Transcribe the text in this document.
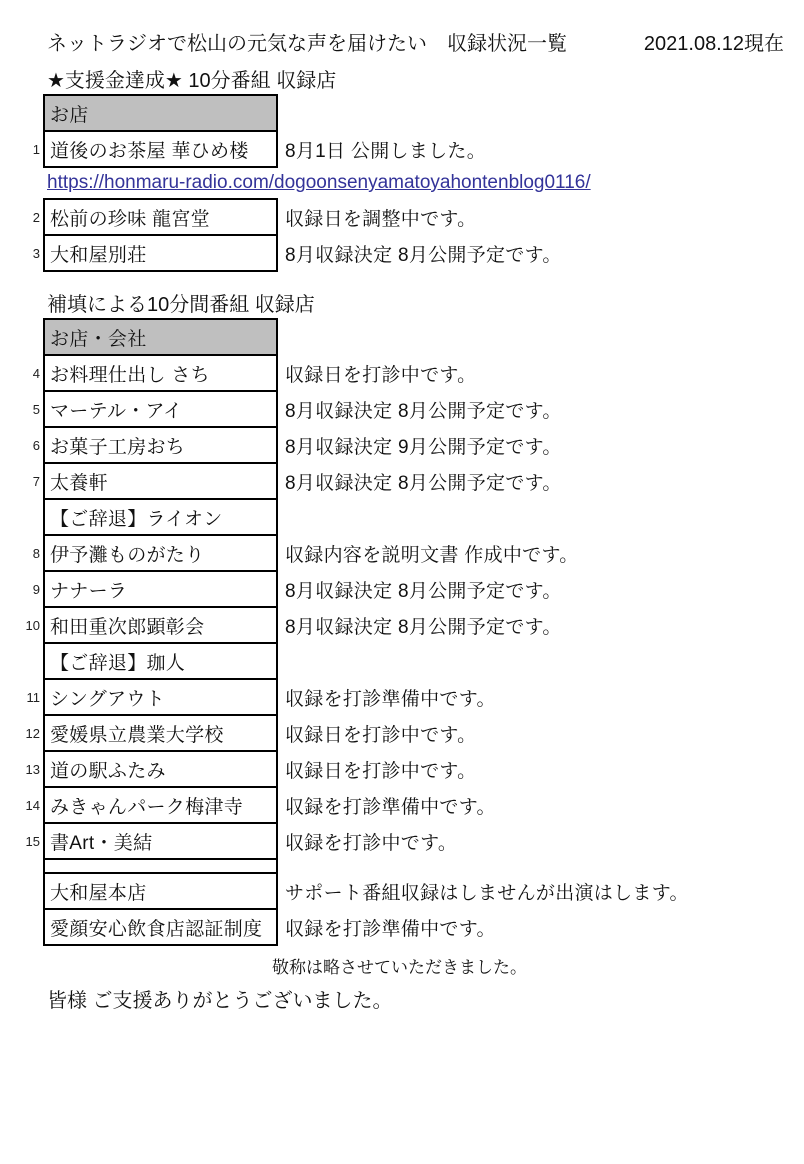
ネットラジオで松山の元気な声を届けたい　収録状況一覧	2021.08.12現在
★支援金達成★ 10分番組 収録店
お店
1 道後のお茶屋 華ひめ楼	8月1日 公開しました。
https://honmaru-radio.com/dogoonsenyamatoyahontenblog0116/
2 松前の珍味 龍宮堂	収録日を調整中です。
3 大和屋別荘	8月収録決定 8月公開予定です。
補填による10分間番組 収録店
お店・会社
4 お料理仕出し さち	収録日を打診中です。
5 マーテル・アイ	8月収録決定 8月公開予定です。
6 お菓子工房おち	8月収録決定 9月公開予定です。
7 太養軒	8月収録決定 8月公開予定です。
【ご辞退】ライオン
8 伊予灘ものがたり	収録内容を説明文書 作成中です。
9 ナナーラ	8月収録決定 8月公開予定です。
10 和田重次郎顕彰会	8月収録決定 8月公開予定です。
【ご辞退】珈人
11 シングアウト	収録を打診準備中です。
12 愛媛県立農業大学校	収録日を打診中です。
13 道の駅ふたみ	収録日を打診中です。
14 みきゃんパーク梅津寺	収録を打診準備中です。
15 書Art・美結	収録を打診中です。
大和屋本店	サポート番組収録はしませんが出演はします。
愛顔安心飲食店認証制度	収録を打診準備中です。
敬称は略させていただきました。
皆様 ご支援ありがとうございました。
